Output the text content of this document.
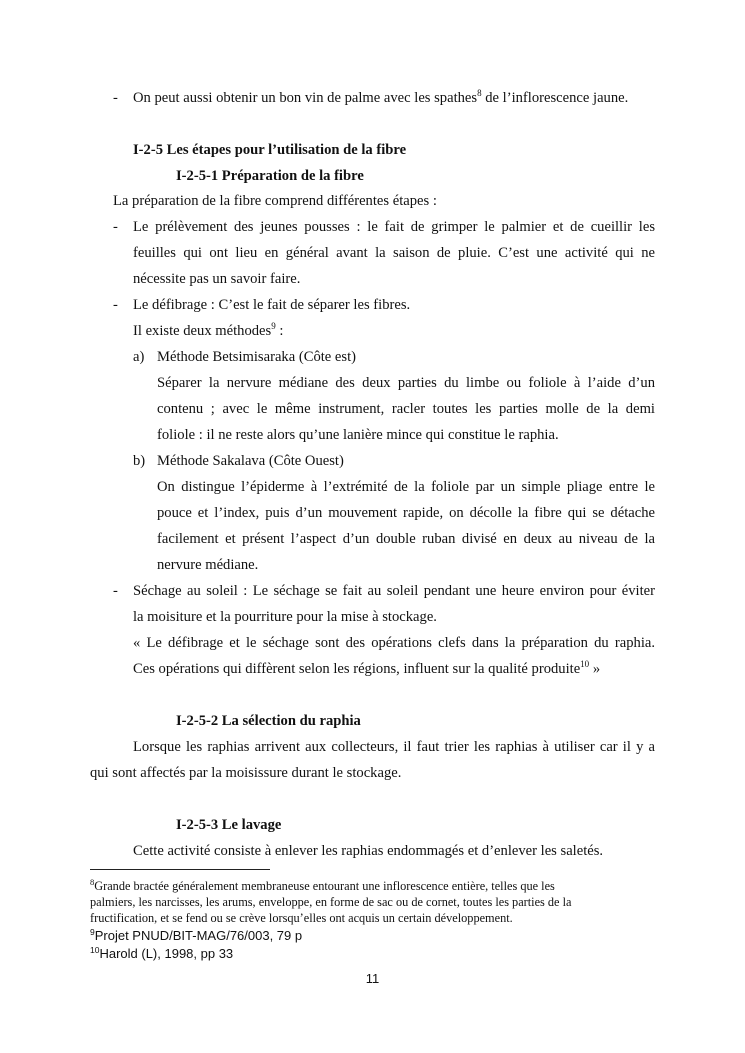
- On peut aussi obtenir un bon vin de palme avec les spathes$^8$ de l’inflorescence jaune.
I-2-5 Les étapes pour l’utilisation de la fibre
I-2-5-1 Préparation de la fibre
La préparation de la fibre comprend différentes étapes :
- Le prélèvement des jeunes pousses : le fait de grimper le palmier et de cueillir les
feuilles qui ont lieu en général avant la saison de pluie. C’est une activité qui ne
nécessite pas un savoir faire.
- Le défibrage : C’est le fait de séparer les fibres.
Il existe deux méthodes$^9$ :
a) Méthode Betsimisaraka (Côte est)
Séparer la nervure médiane des deux parties du limbe ou foliole à l’aide d’un
contenu ; avec le même instrument, racler toutes les parties molle de la demi
foliole : il ne reste alors qu’une lanière mince qui constitue le raphia.
b) Méthode Sakalava (Côte Ouest)
On distingue l’épiderme à l’extrémité de la foliole par un simple pliage entre le
pouce et l’index, puis d’un mouvement rapide, on décolle la fibre qui se détache
facilement et présent l’aspect d’un double ruban divisé en deux au niveau de la
nervure médiane.
- Séchage au soleil : Le séchage se fait au soleil pendant une heure environ pour éviter
la moisiture et la pourriture pour la mise à stockage.
« Le défibrage et le séchage sont des opérations clefs dans la préparation du raphia.
Ces opérations qui diffèrent selon les régions, influent sur la qualité produite$^{10}$ »
I-2-5-2 La sélection du raphia
Lorsque les raphias arrivent aux collecteurs, il faut trier les raphias à utiliser car il y a
qui sont affectés par la moisissure durant le stockage.
I-2-5-3 Le lavage
Cette activité consiste à enlever les raphias endommagés et d’enlever les saletés.
$^8$Grande bractée généralement membraneuse entourant une inflorescence entière, telles que les
palmiers, les narcisses, les arums, enveloppe, en forme de sac ou de cornet, toutes les parties de la
fructification, et se fend ou se crève lorsqu’elles ont acquis un certain développement.
$^9$Projet PNUD/BIT-MAG/76/003, 79 p
$^{10}$Harold (L), 1998, pp 33
11
